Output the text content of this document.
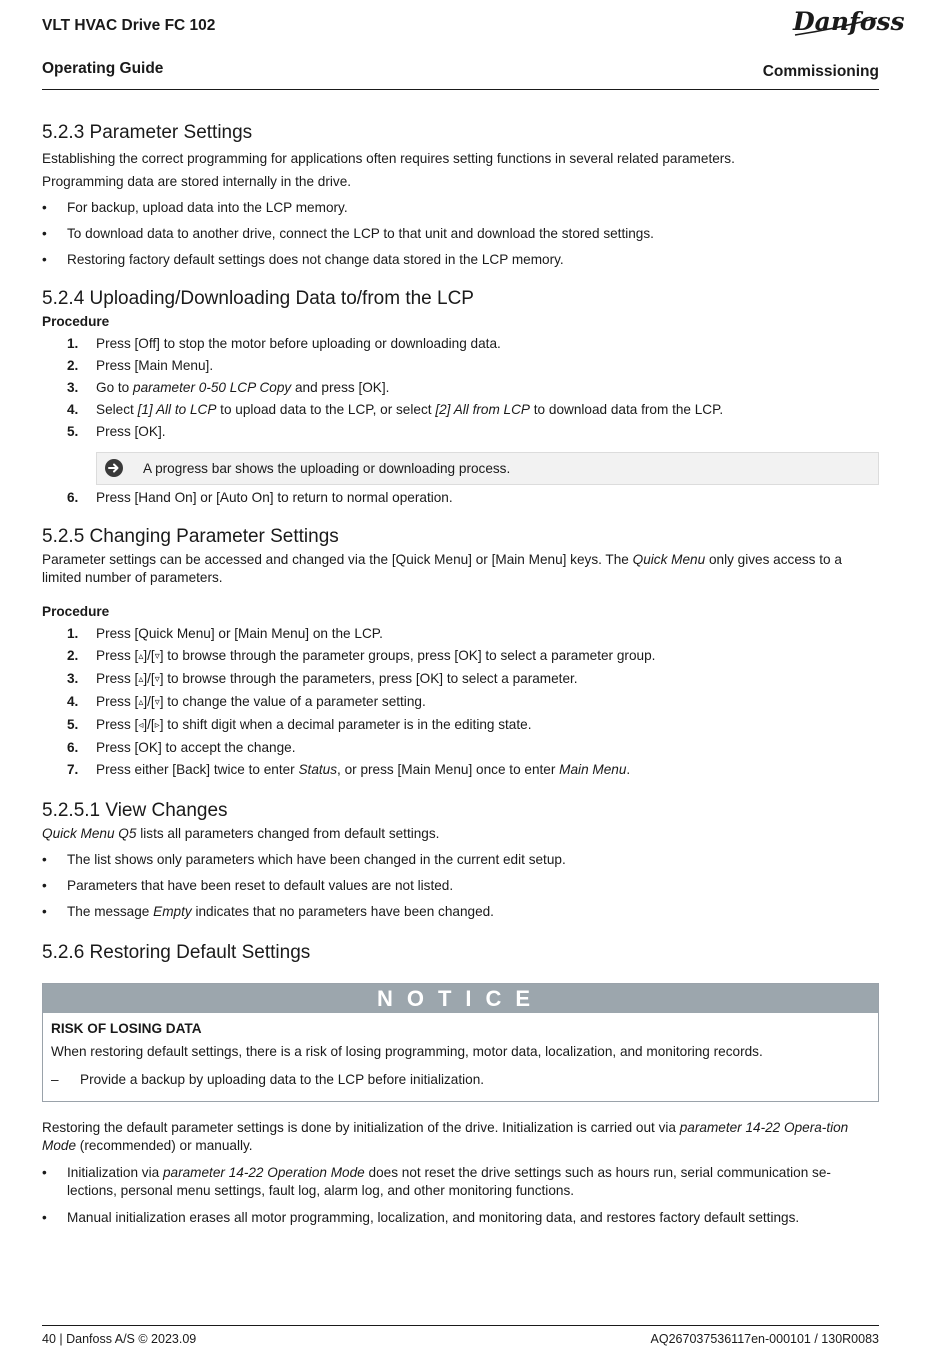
VLT HVAC Drive FC 102	Danfoss
Operating Guide	Commissioning
5.2.3 Parameter Settings

Establishing the correct programming for applications often requires setting functions in several related parameters.

Programming data are stored internally in the drive.

• For backup, upload data into the LCP memory.
• To download data to another drive, connect the LCP to that unit and download the stored settings.
• Restoring factory default settings does not change data stored in the LCP memory.
5.2.4 Uploading/Downloading Data to/from the LCP
Procedure
1. Press [Off] to stop the motor before uploading or downloading data.
2. Press [Main Menu].
3. Go to parameter 0-50 LCP Copy and press [OK].
4. Select [1] All to LCP to upload data to the LCP, or select [2] All from LCP to download data from the LCP.
5. Press [OK].
A progress bar shows the uploading or downloading process.
6. Press [Hand On] or [Auto On] to return to normal operation.
5.2.5 Changing Parameter Settings

Parameter settings can be accessed and changed via the [Quick Menu] or [Main Menu] keys. The Quick Menu only gives access to a limited number of parameters.

Procedure
1. Press [Quick Menu] or [Main Menu] on the LCP.
2. Press [▵]/[▿] to browse through the parameter groups, press [OK] to select a parameter group.
3. Press [▵]/[▿] to browse through the parameters, press [OK] to select a parameter.
4. Press [▵]/[▿] to change the value of a parameter setting.
5. Press [◃]/[▹] to shift digit when a decimal parameter is in the editing state.
6. Press [OK] to accept the change.
7. Press either [Back] twice to enter Status, or press [Main Menu] once to enter Main Menu.
5.2.5.1 View Changes

Quick Menu Q5 lists all parameters changed from default settings.

• The list shows only parameters which have been changed in the current edit setup.
• Parameters that have been reset to default values are not listed.
• The message Empty indicates that no parameters have been changed.
5.2.6 Restoring Default Settings
NOTICE
RISK OF LOSING DATA

When restoring default settings, there is a risk of losing programming, motor data, localization, and monitoring records.

– Provide a backup by uploading data to the LCP before initialization.

Restoring the default parameter settings is done by initialization of the drive. Initialization is carried out via parameter 14-22 Opera-tion Mode (recommended) or manually.

• Initialization via parameter 14-22 Operation Mode does not reset the drive settings such as hours run, serial communication se-lections, personal menu settings, fault log, alarm log, and other monitoring functions.
• Manual initialization erases all motor programming, localization, and monitoring data, and restores factory default settings.
40 | Danfoss A/S © 2023.09	AQ267037536117en-000101 / 130R0083
